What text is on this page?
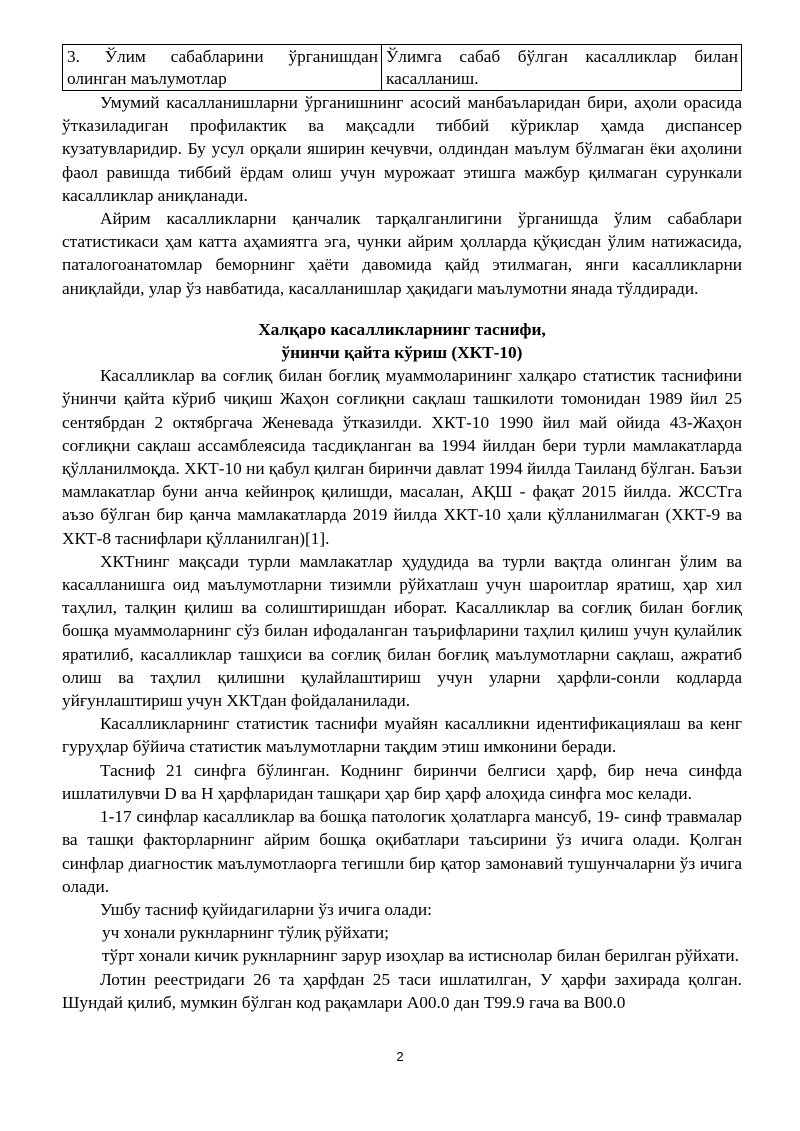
3. Ўлим сабабларини ўрганишдан олинган маълумотлар	Ўлимга сабаб бўлган касалликлар билан касалланиш.

Умумий касалланишларни ўрганишнинг асосий манбаъларидан бири, аҳоли орасида ўтказиладиган профилактик ва мақсадли тиббий кўриклар ҳамда диспансер кузатувларидир. Бу усул орқали яширин кечувчи, олдиндан маълум бўлмаган ёки аҳолини фаол равишда тиббий ёрдам олиш учун мурожаат этишга мажбур қилмаган сурункали касалликлар аниқланади.

Айрим касалликларни қанчалик тарқалганлигини ўрганишда ўлим сабаблари статистикаси ҳам катта аҳамиятга эга, чунки айрим ҳолларда қўқисдан ўлим натижасида, паталогоанатомлар беморнинг ҳаёти давомида қайд этилмаган, янги касалликларни аниқлайди, улар ўз навбатида, касалланишлар ҳақидаги маълумотни янада тўлдиради.

Халқаро касалликларнинг таснифи,
ўнинчи қайта кўриш (ХКТ-10)

Касалликлар ва соғлиқ билан боғлиқ муаммоларининг халқаро статистик таснифини ўнинчи қайта кўриб чиқиш Жаҳон соғлиқни сақлаш ташкилоти томонидан 1989 йил 25 сентябрдан 2 октябргача Женевада ўтказилди. ХКТ-10 1990 йил май ойида 43-Жаҳон соғлиқни сақлаш ассамблеясида тасдиқланган ва 1994 йилдан бери турли мамлакатларда қўлланилмоқда. ХКТ-10 ни қабул қилган биринчи давлат 1994 йилда Таиланд бўлган. Баъзи мамлакатлар буни анча кейинроқ қилишди, масалан, АҚШ - фақат 2015 йилда. ЖССТга аъзо бўлган бир қанча мамлакатларда 2019 йилда ХКТ-10 ҳали қўлланилмаган (ХКТ-9 ва ХКТ-8 таснифлари қўлланилган)[1].

ХКТнинг мақсади турли мамлакатлар ҳудудида ва турли вақтда олинган ўлим ва касалланишга оид маълумотларни тизимли рўйхатлаш учун шароитлар яратиш, ҳар хил таҳлил, талқин қилиш ва солиштиришдан иборат. Касалликлар ва соғлиқ билан боғлиқ бошқа муаммоларнинг сўз билан ифодаланган таърифларини таҳлил қилиш учун қулайлик яратилиб, касалликлар ташҳиси ва соғлиқ билан боғлиқ маълумотларни сақлаш, ажратиб олиш ва таҳлил қилишни қулайлаштириш учун уларни ҳарфли-сонли кодларда уйғунлаштириш учун ХКТдан фойдаланилади.

Касалликларнинг статистик таснифи муайян касалликни идентификациялаш ва кенг гуруҳлар бўйича статистик маълумотларни тақдим этиш имконини беради.

Тасниф 21 синфга бўлинган. Коднинг биринчи белгиси ҳарф, бир неча синфда ишлатилувчи D ва H ҳарфларидан ташқари ҳар бир ҳарф алоҳида синфга мос келади.

1-17 синфлар касалликлар ва бошқа патологик ҳолатларга мансуб, 19- синф травмалар ва ташқи факторларнинг айрим бошқа оқибатлари таъсирини ўз ичига олади. Қолган синфлар диагностик маълумотлаорга тегишли бир қатор замонавий тушунчаларни ўз ичига олади.

Ушбу тасниф қуйидагиларни ўз ичига олади:

уч хонали рукнларнинг тўлиқ рўйхати;

тўрт хонали кичик рукнларнинг зарур изоҳлар ва истиснолар билан берилган рўйхати.

Лотин реестридаги 26 та ҳарфдан 25 таси ишлатилган, У ҳарфи захирада қолган. Шундай қилиб, мумкин бўлган код рақамлари А00.0 дан Т99.9 гача ва В00.0

2
